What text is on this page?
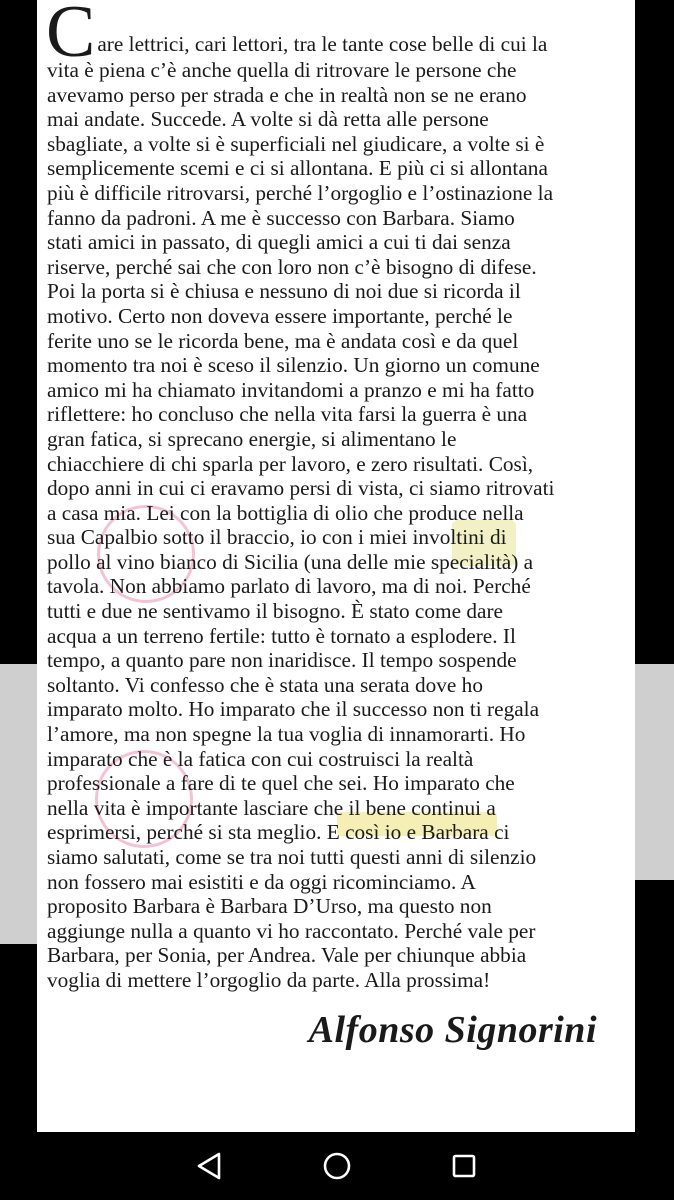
C are lettrici, cari lettori, tra le tante cose belle di cui la
vita è piena c’è anche quella di ritrovare le persone che
avevamo perso per strada e che in realtà non se ne erano
mai andate. Succede. A volte si dà retta alle persone
sbagliate, a volte si è superficiali nel giudicare, a volte si è
semplicemente scemi e ci si allontana. E più ci si allontana
più è difficile ritrovarsi, perché l’orgoglio e l’ostinazione la
fanno da padroni. A me è successo con Barbara. Siamo
stati amici in passato, di quegli amici a cui ti dai senza
riserve, perché sai che con loro non c’è bisogno di difese.
Poi la porta si è chiusa e nessuno di noi due si ricorda il
motivo. Certo non doveva essere importante, perché le
ferite uno se le ricorda bene, ma è andata così e da quel
momento tra noi è sceso il silenzio. Un giorno un comune
amico mi ha chiamato invitandomi a pranzo e mi ha fatto
riflettere: ho concluso che nella vita farsi la guerra è una
gran fatica, si sprecano energie, si alimentano le
chiacchiere di chi sparla per lavoro, e zero risultati. Così,
dopo anni in cui ci eravamo persi di vista, ci siamo ritrovati
a casa mia. Lei con la bottiglia di olio che produce nella
sua Capalbio sotto il braccio, io con i miei involtini di
pollo al vino bianco di Sicilia (una delle mie specialità) a
tavola. Non abbiamo parlato di lavoro, ma di noi. Perché
tutti e due ne sentivamo il bisogno. È stato come dare
acqua a un terreno fertile: tutto è tornato a esplodere. Il
tempo, a quanto pare non inaridisce. Il tempo sospende
soltanto. Vi confesso che è stata una serata dove ho
imparato molto. Ho imparato che il successo non ti regala
l’amore, ma non spegne la tua voglia di innamorarti. Ho
imparato che è la fatica con cui costruisci la realtà
professionale a fare di te quel che sei. Ho imparato che
nella vita è importante lasciare che il bene continui a
esprimersi, perché si sta meglio. E così io e Barbara ci
siamo salutati, come se tra noi tutti questi anni di silenzio
non fossero mai esistiti e da oggi ricominciamo. A
proposito Barbara è Barbara D’Urso, ma questo non
aggiunge nulla a quanto vi ho raccontato. Perché vale per
Barbara, per Sonia, per Andrea. Vale per chiunque abbia
voglia di mettere l’orgoglio da parte. Alla prossima!
Alfonso Signorini
